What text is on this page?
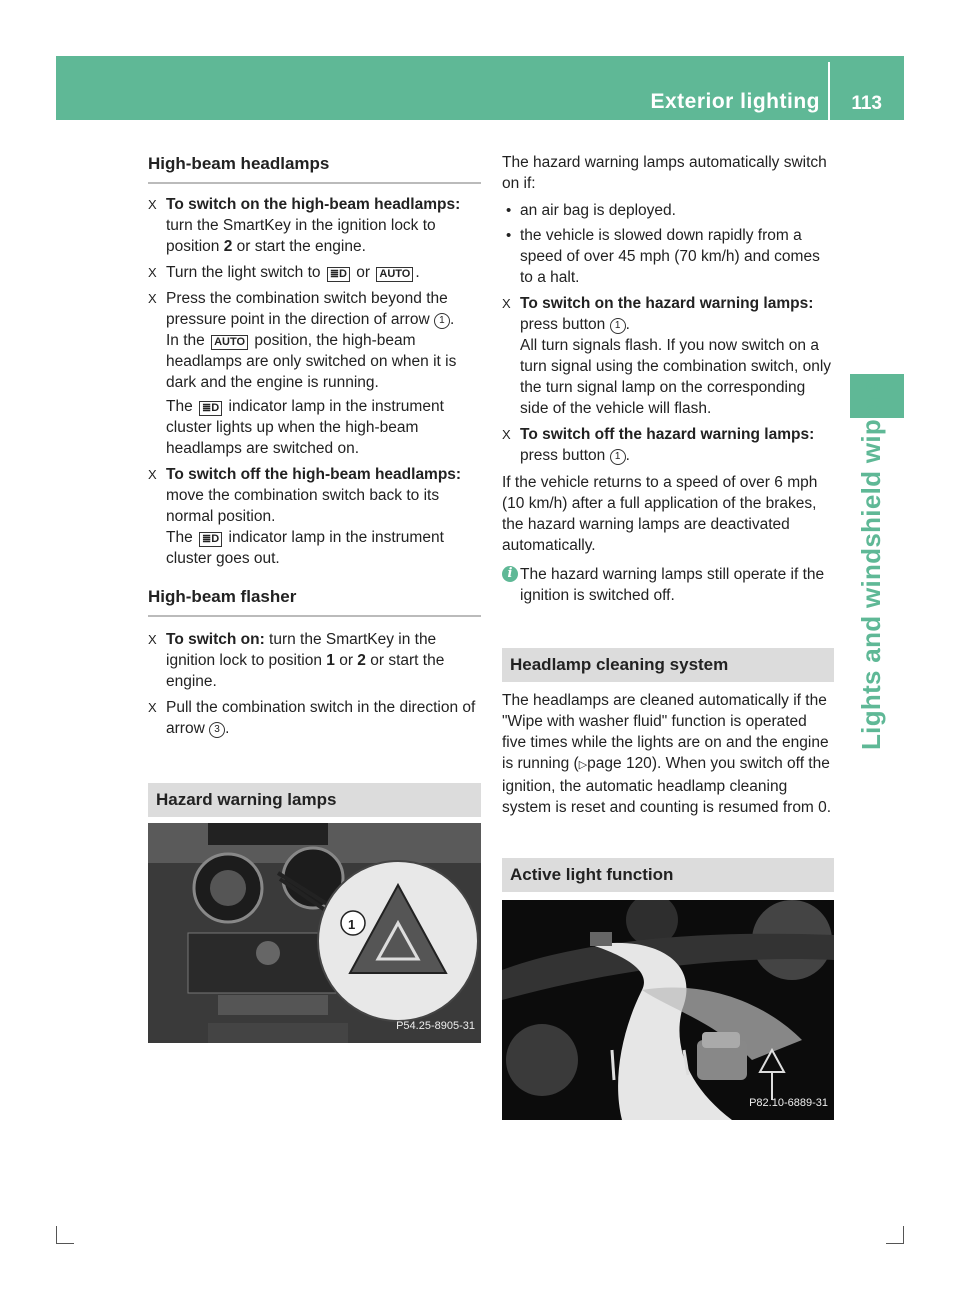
Exterior lighting 113
Lights and windshield wipers
High-beam headlamps
X To switch on the high-beam headlamps: turn the SmartKey in the ignition lock to position 2 or start the engine.
X Turn the light switch to ≣D or AUTO .
X Press the combination switch beyond the pressure point in the direction of arrow 1 .
In the AUTO position, the high-beam headlamps are only switched on when it is dark and the engine is running.

The ≣D indicator lamp in the instrument cluster lights up when the high-beam headlamps are switched on.
X To switch off the high-beam headlamps: move the combination switch back to its normal position.
The ≣D indicator lamp in the instrument cluster goes out.
High-beam flasher
X To switch on: turn the SmartKey in the ignition lock to position 1 or 2 or start the engine.
X Pull the combination switch in the direction of arrow 3 .
Hazard warning lamps
1
P54.25-8905-31
The hazard warning lamps automatically switch on if:
• an air bag is deployed.
• the vehicle is slowed down rapidly from a speed of over 45 mph (70 km/h) and comes to a halt.
X To switch on the hazard warning lamps: press button 1 .
All turn signals flash. If you now switch on a turn signal using the combination switch, only the turn signal lamp on the corresponding side of the vehicle will flash.
X To switch off the hazard warning lamps: press button 1 .
If the vehicle returns to a speed of over 6 mph (10 km/h) after a full application of the brakes, the hazard warning lamps are deactivated automatically.
i The hazard warning lamps still operate if the ignition is switched off.
Headlamp cleaning system
The headlamps are cleaned automatically if the "Wipe with washer fluid" function is operated five times while the lights are on and the engine is running (▷page 120). When you switch off the ignition, the automatic headlamp cleaning system is reset and counting is resumed from 0.
Active light function
P82.10-6889-31
